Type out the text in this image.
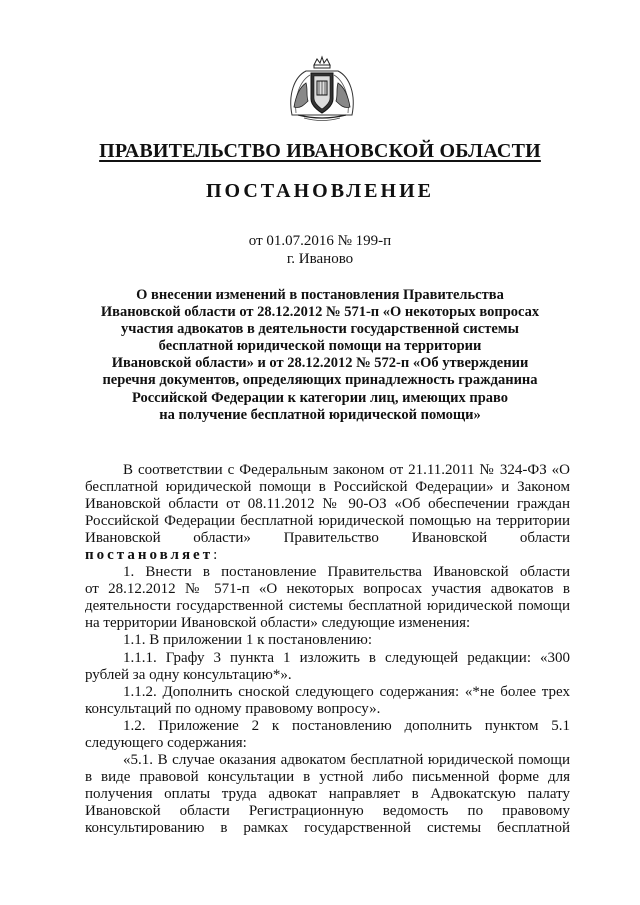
ПРАВИТЕЛЬСТВО ИВАНОВСКОЙ ОБЛАСТИ
ПОСТАНОВЛЕНИЕ
от 01.07.2016 № 199-п
г. Иваново
О внесении изменений в постановления Правительства
Ивановской области от 28.12.2012 № 571-п «О некоторых вопросах
участия адвокатов в деятельности государственной системы
бесплатной юридической помощи на территории
Ивановской области» и от 28.12.2012 № 572-п «Об утверждении
перечня документов, определяющих принадлежность гражданина
Российской Федерации к категории лиц, имеющих право
на получение бесплатной юридической помощи»
В соответствии с Федеральным законом от 21.11.2011 № 324-ФЗ «О
бесплатной юридической помощи в Российской Федерации» и Законом
Ивановской области от 08.11.2012 № 90-ОЗ «Об обеспечении граждан
Российской Федерации бесплатной юридической помощью на территории
Ивановской области» Правительство Ивановской области
постановляет:
1. Внести в постановление Правительства Ивановской области
от 28.12.2012 № 571-п «О некоторых вопросах участия адвокатов в
деятельности государственной системы бесплатной юридической помощи
на территории Ивановской области» следующие изменения:
1.1. В приложении 1 к постановлению:
1.1.1. Графу 3 пункта 1 изложить в следующей редакции: «300
рублей за одну консультацию*».
1.1.2. Дополнить сноской следующего содержания: «*не более трех
консультаций по одному правовому вопросу».
1.2. Приложение 2 к постановлению дополнить пунктом 5.1
следующего содержания:
«5.1. В случае оказания адвокатом бесплатной юридической помощи
в виде правовой консультации в устной либо письменной форме для
получения оплаты труда адвокат направляет в Адвокатскую палату
Ивановской области Регистрационную ведомость по правовому
консультированию в рамках государственной системы бесплатной
